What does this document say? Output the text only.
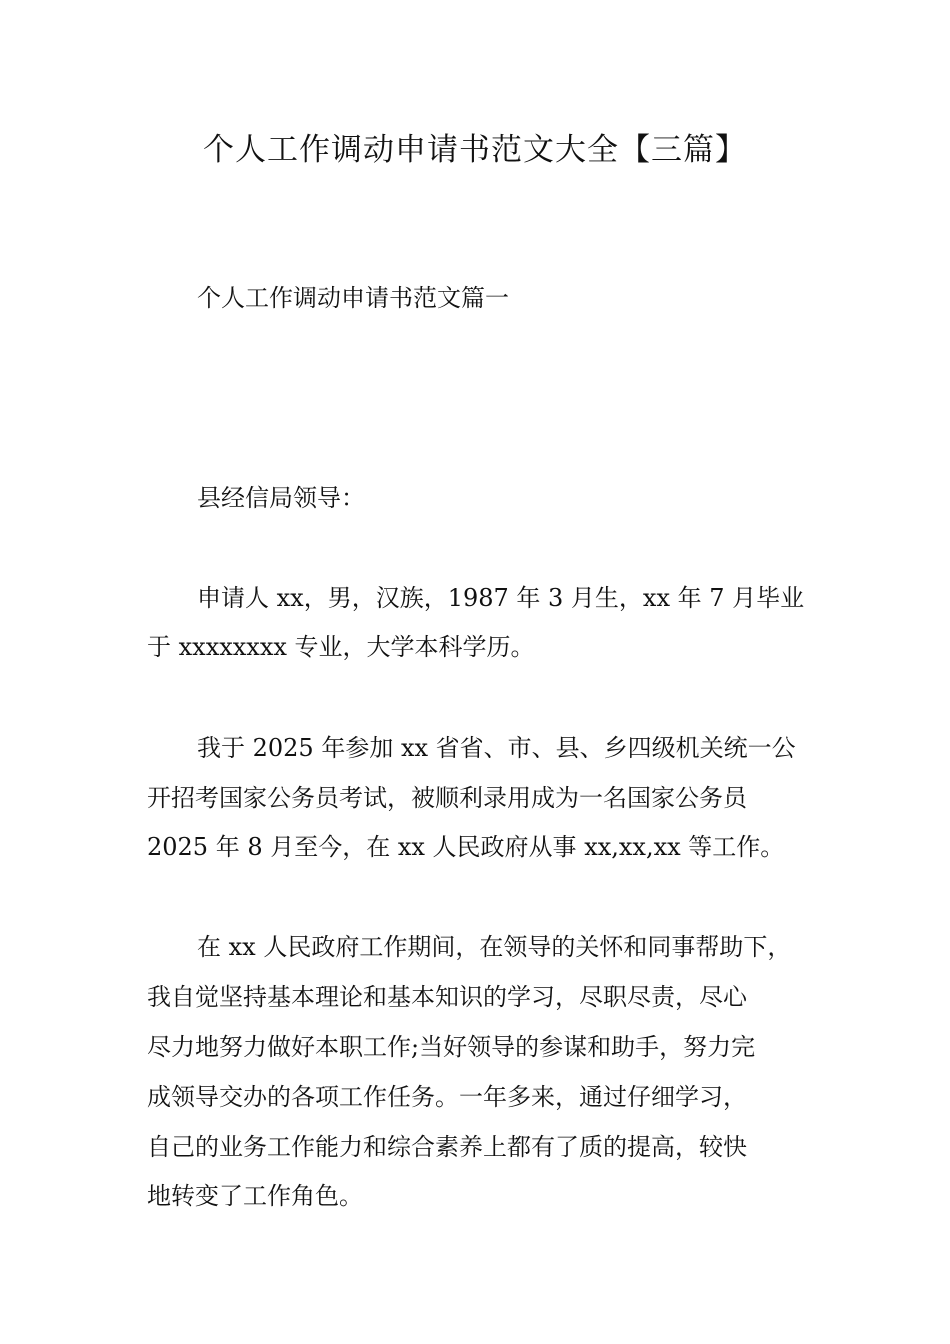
个人工作调动申请书范文大全【三篇】
个人工作调动申请书范文篇一
县经信局领导：
申请人 xx，男，汉族，1987 年 3 月生，xx 年 7 月毕业
于 xxxxxxxx 专业，大学本科学历。
我于 2025 年参加 xx 省省、市、县、乡四级机关统一公
开招考国家公务员考试，被顺利录用成为一名国家公务员
2025 年 8 月至今，在 xx 人民政府从事 xx,xx,xx 等工作。
在 xx 人民政府工作期间，在领导的关怀和同事帮助下，
我自觉坚持基本理论和基本知识的学习，尽职尽责，尽心
尽力地努力做好本职工作;当好领导的参谋和助手，努力完
成领导交办的各项工作任务。一年多来，通过仔细学习，
自己的业务工作能力和综合素养上都有了质的提高，较快
地转变了工作角色。
